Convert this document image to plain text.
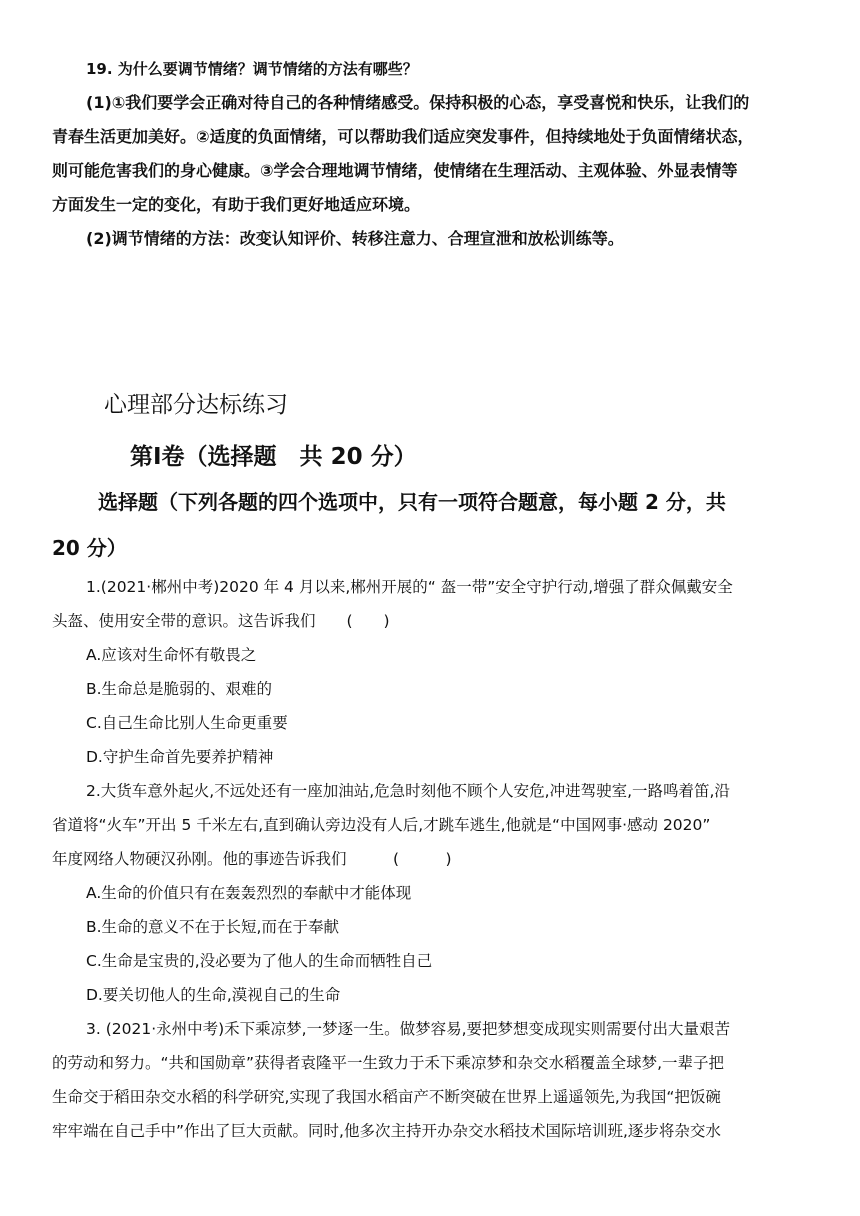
19. 为什么要调节情绪？调节情绪的方法有哪些？
(1)①我们要学会正确对待自己的各种情绪感受。保持积极的心态，享受喜悦和快乐，让我们的
青春生活更加美好。②适度的负面情绪，可以帮助我们适应突发事件，但持续地处于负面情绪状态，
则可能危害我们的身心健康。③学会合理地调节情绪，使情绪在生理活动、主观体验、外显表情等
方面发生一定的变化，有助于我们更好地适应环境。
(2)调节情绪的方法：改变认知评价、转移注意力、合理宣泄和放松训练等。
心理部分达标练习
第Ⅰ卷（选择题　共 20 分）
选择题（下列各题的四个选项中，只有一项符合题意，每小题 2 分，共
20 分）
1.(2021·郴州中考)2020 年 4 月以来,郴州开展的“ 盔一带”安全守护行动,增强了群众佩戴安全
头盔、使用安全带的意识。这告诉我们　　(　　)
A.应该对生命怀有敬畏之
B.生命总是脆弱的、艰难的
C.自己生命比别人生命更重要
D.守护生命首先要养护精神
2.大货车意外起火,不远处还有一座加油站,危急时刻他不顾个人安危,冲进驾驶室,一路鸣着笛,沿
省道将“火车”开出 5 千米左右,直到确认旁边没有人后,才跳车逃生,他就是“中国网事·感动 2020”
年度网络人物硬汉孙刚。他的事迹告诉我们　　　(　　　)
A.生命的价值只有在轰轰烈烈的奉献中才能体现
B.生命的意义不在于长短,而在于奉献
C.生命是宝贵的,没必要为了他人的生命而牺牲自己
D.要关切他人的生命,漠视自己的生命
3. (2021·永州中考)禾下乘凉梦,一梦逐一生。做梦容易,要把梦想变成现实则需要付出大量艰苦
的劳动和努力。“共和国勋章”获得者袁隆平一生致力于禾下乘凉梦和杂交水稻覆盖全球梦,一辈子把
生命交于稻田杂交水稻的科学研究,实现了我国水稻亩产不断突破在世界上遥遥领先,为我国“把饭碗
牢牢端在自己手中”作出了巨大贡献。同时,他多次主持开办杂交水稻技术国际培训班,逐步将杂交水
